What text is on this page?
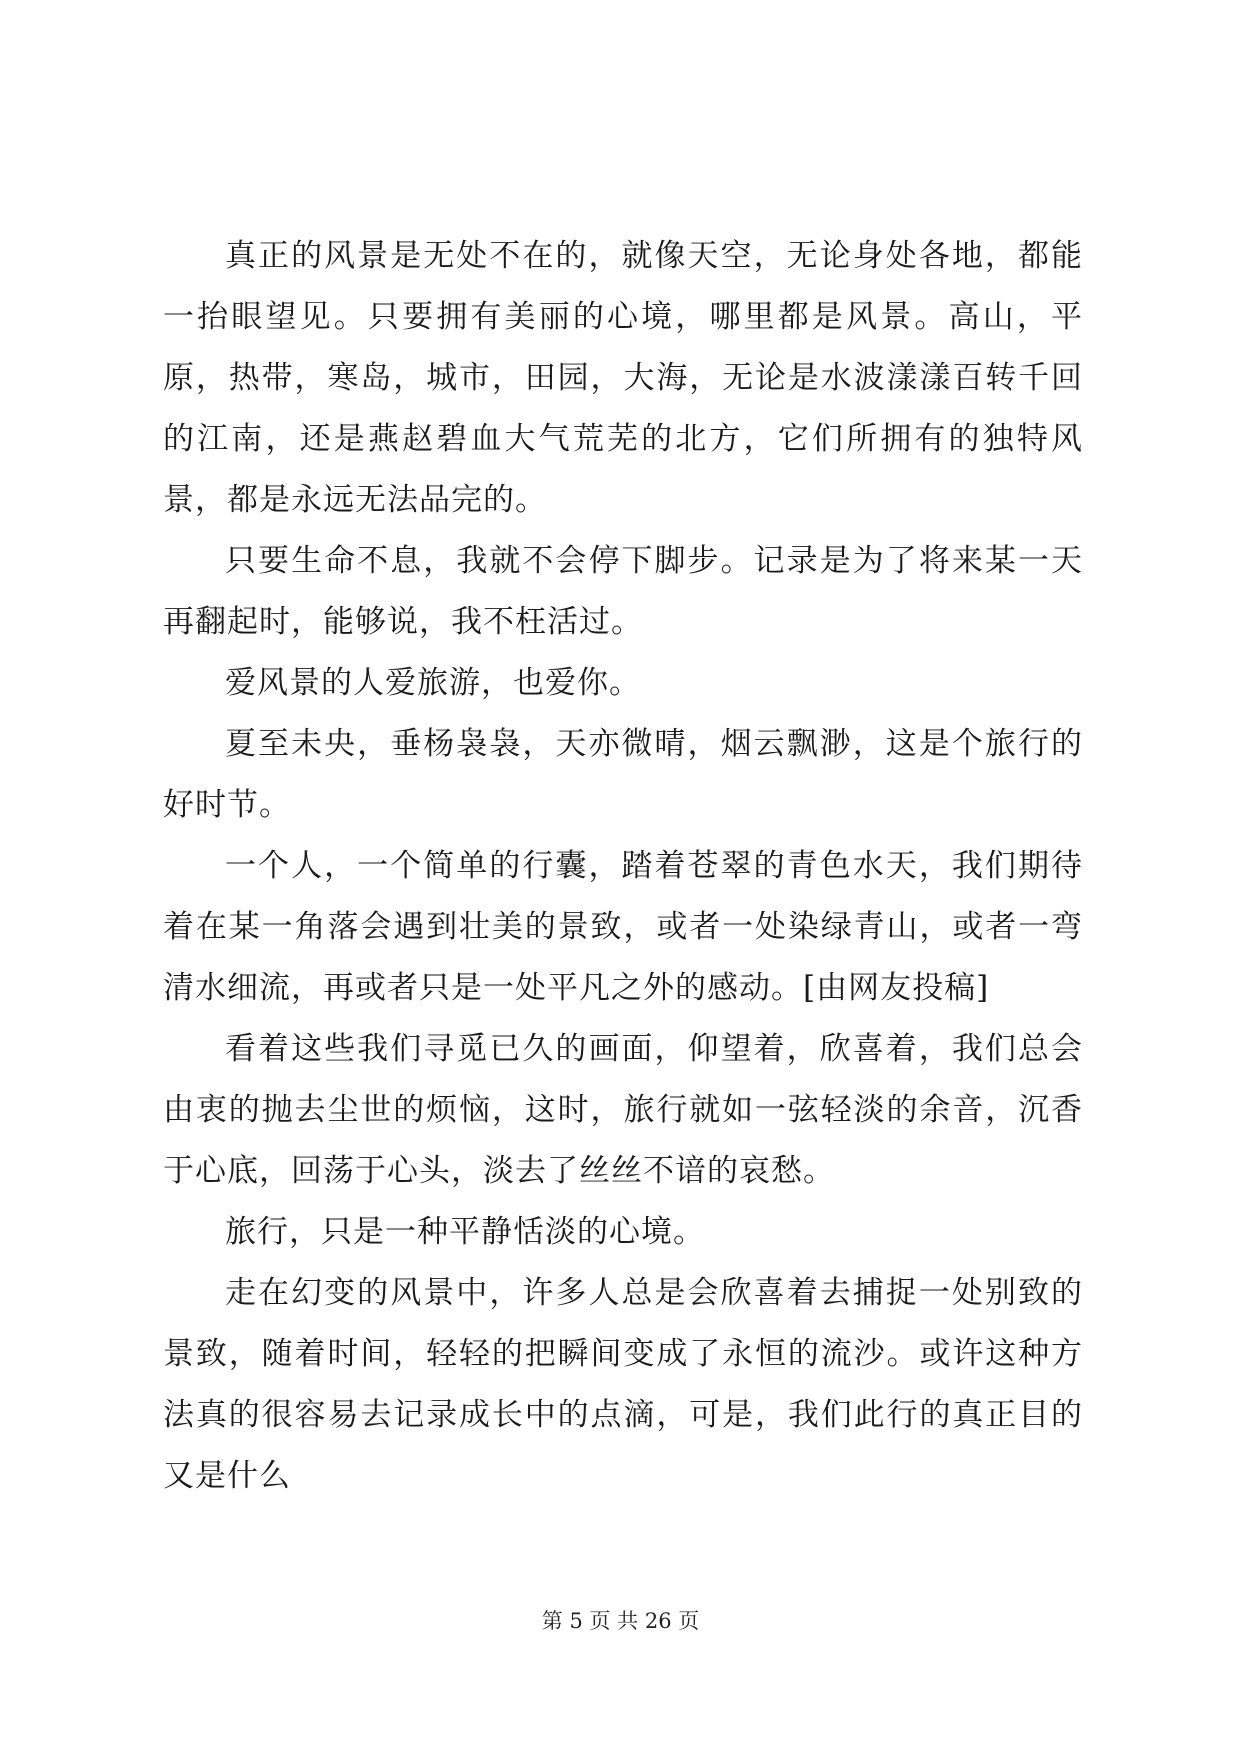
真正的风景是无处不在的，就像天空，无论身处各地，都能一抬眼望见。只要拥有美丽的心境，哪里都是风景。高山，平原，热带，寒岛，城市，田园，大海，无论是水波漾漾百转千回的江南，还是燕赵碧血大气荒芜的北方，它们所拥有的独特风景，都是永远无法品完的。

只要生命不息，我就不会停下脚步。记录是为了将来某一天再翻起时，能够说，我不枉活过。

爱风景的人爱旅游，也爱你。

夏至未央，垂杨袅袅，天亦微晴，烟云飘渺，这是个旅行的好时节。

一个人，一个简单的行囊，踏着苍翠的青色水天，我们期待着在某一角落会遇到壮美的景致，或者一处染绿青山，或者一弯清水细流，再或者只是一处平凡之外的感动。[由网友投稿]

看着这些我们寻觅已久的画面，仰望着，欣喜着，我们总会由衷的抛去尘世的烦恼，这时，旅行就如一弦轻淡的余音，沉香于心底，回荡于心头，淡去了丝丝不谙的哀愁。

旅行，只是一种平静恬淡的心境。

走在幻变的风景中，许多人总是会欣喜着去捕捉一处别致的景致，随着时间，轻轻的把瞬间变成了永恒的流沙。或许这种方法真的很容易去记录成长中的点滴，可是，我们此行的真正目的又是什么

第 5 页 共 26 页
